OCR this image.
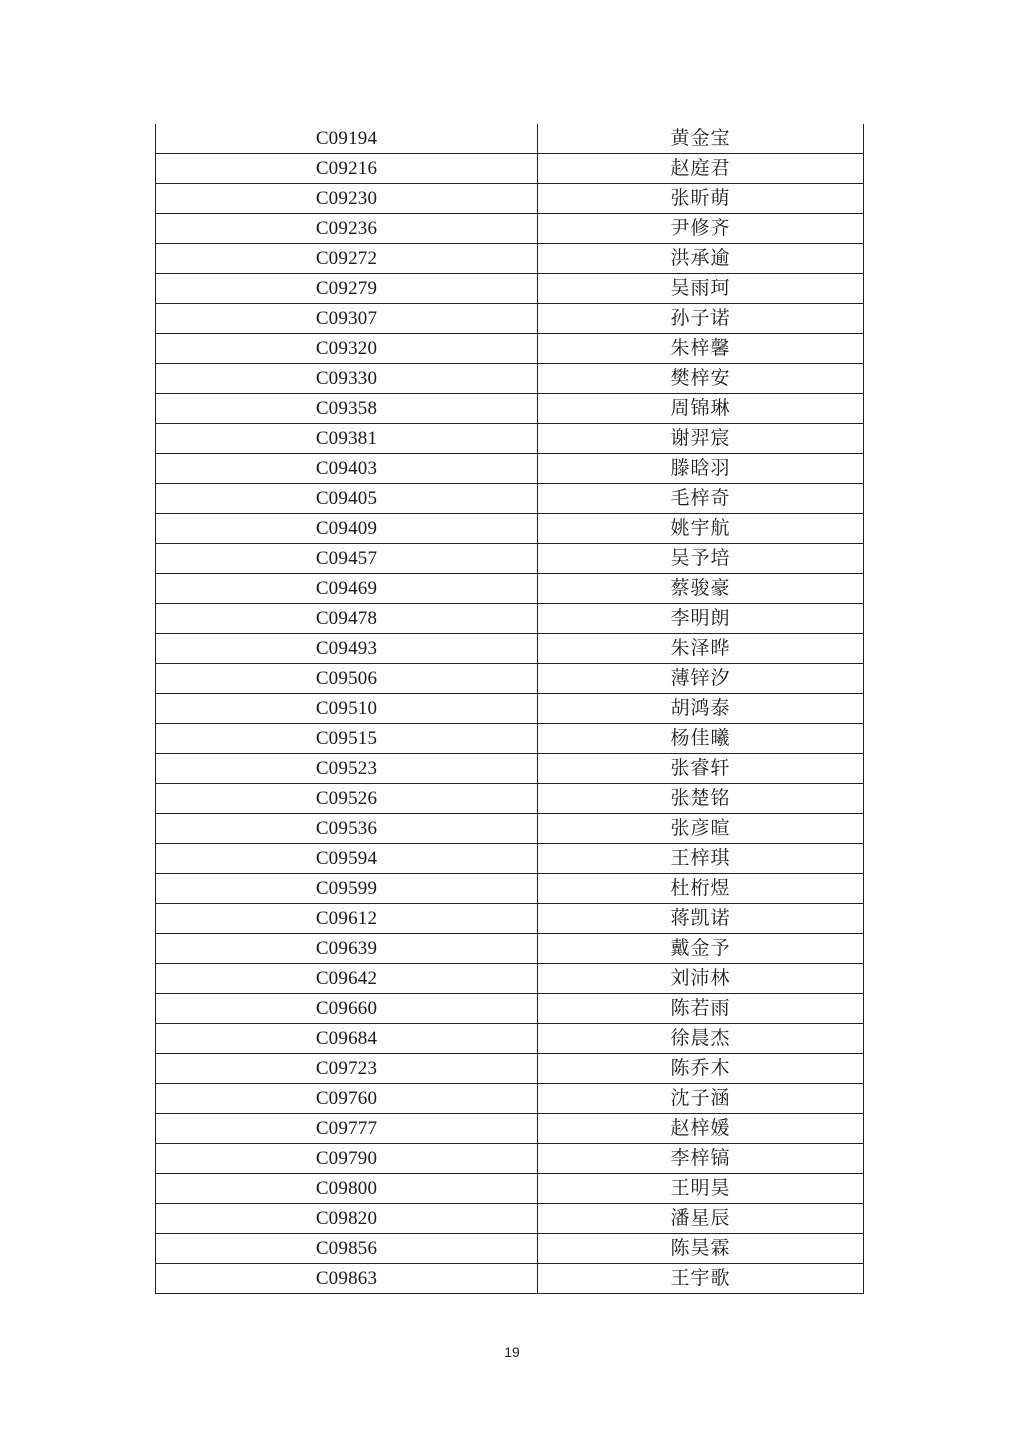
C09194	黄金宝
C09216	赵庭君
C09230	张昕萌
C09236	尹修齐
C09272	洪承逾
C09279	吴雨珂
C09307	孙子诺
C09320	朱梓馨
C09330	樊梓安
C09358	周锦琳
C09381	谢羿宸
C09403	滕晗羽
C09405	毛梓奇
C09409	姚宇航
C09457	吴予培
C09469	蔡骏豪
C09478	李明朗
C09493	朱泽晔
C09506	薄锌汐
C09510	胡鸿泰
C09515	杨佳曦
C09523	张睿轩
C09526	张楚铭
C09536	张彦暄
C09594	王梓琪
C09599	杜桁煜
C09612	蒋凯诺
C09639	戴金予
C09642	刘沛林
C09660	陈若雨
C09684	徐晨杰
C09723	陈乔木
C09760	沈子涵
C09777	赵梓媛
C09790	李梓镐
C09800	王明昊
C09820	潘星辰
C09856	陈昊霖
C09863	王宇歌
19
